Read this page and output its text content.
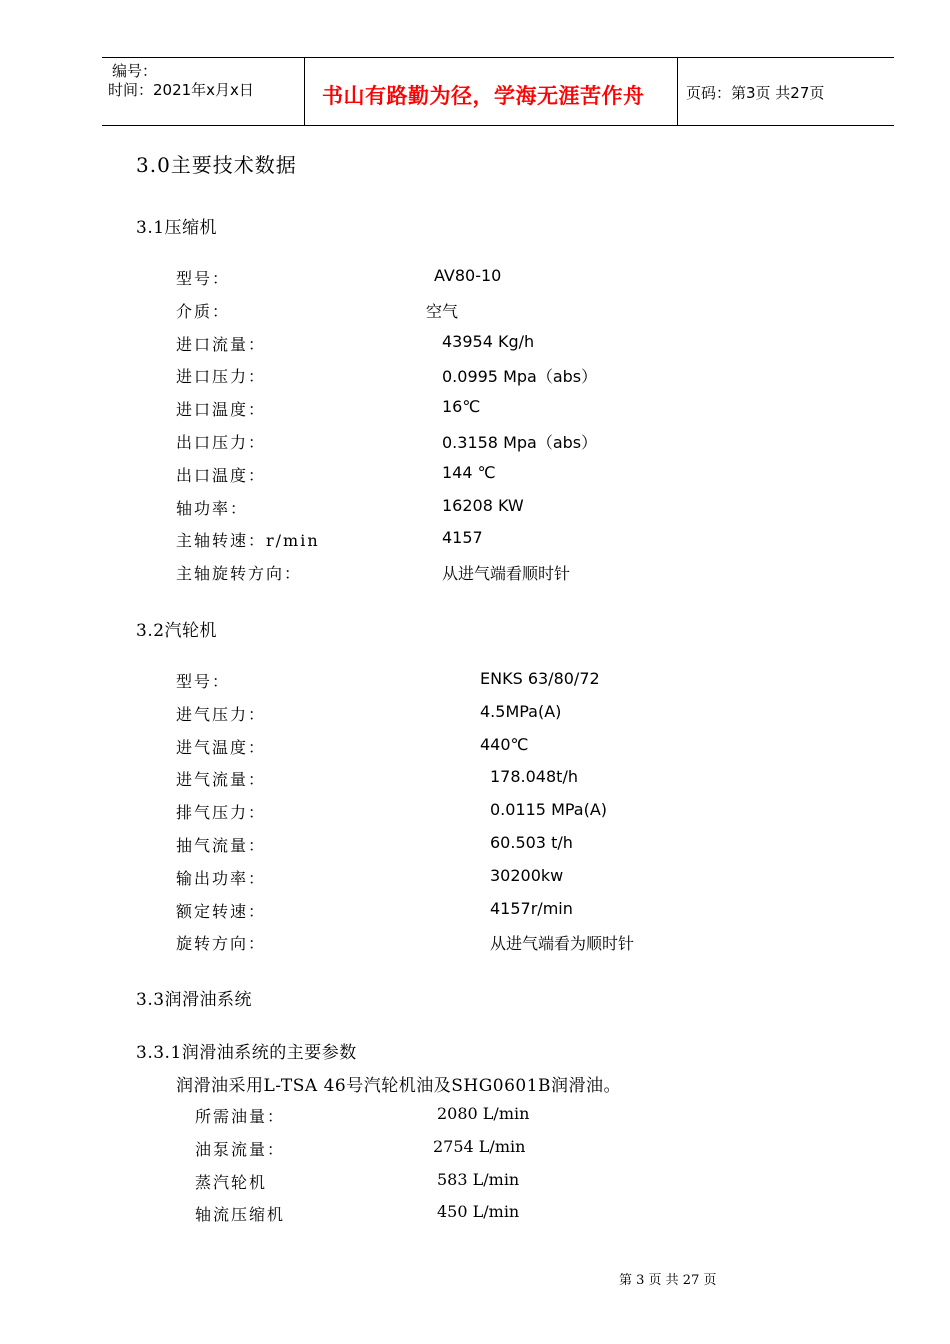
编号：
时间：2021年x月x日	书山有路勤为径，学海无涯苦作舟	页码：第3页 共27页
3.0主要技术数据
3.1压缩机
型号：	AV80-10
介质：	空气
进口流量：	43954 Kg/h
进口压力：	0.0995 Mpa（abs）
进口温度：	16℃
出口压力：	0.3158 Mpa（abs）
出口温度：	144 ℃
轴功率：	16208 KW
主轴转速：r/min	4157
主轴旋转方向：	从进气端看顺时针
3.2汽轮机
型号：	ENKS 63/80/72
进气压力：	4.5MPa(A)
进气温度：	440℃
进气流量：	178.048t/h
排气压力：	0.0115 MPa(A)
抽气流量：	60.503 t/h
输出功率：	30200kw
额定转速：	4157r/min
旋转方向：	从进气端看为顺时针
3.3润滑油系统
3.3.1润滑油系统的主要参数
润滑油采用L-TSA 46号汽轮机油及SHG0601B润滑油。
所需油量：	2080 L/min
油泵流量：	2754 L/min
蒸汽轮机	583 L/min
轴流压缩机	450 L/min
第 3 页 共 27 页
